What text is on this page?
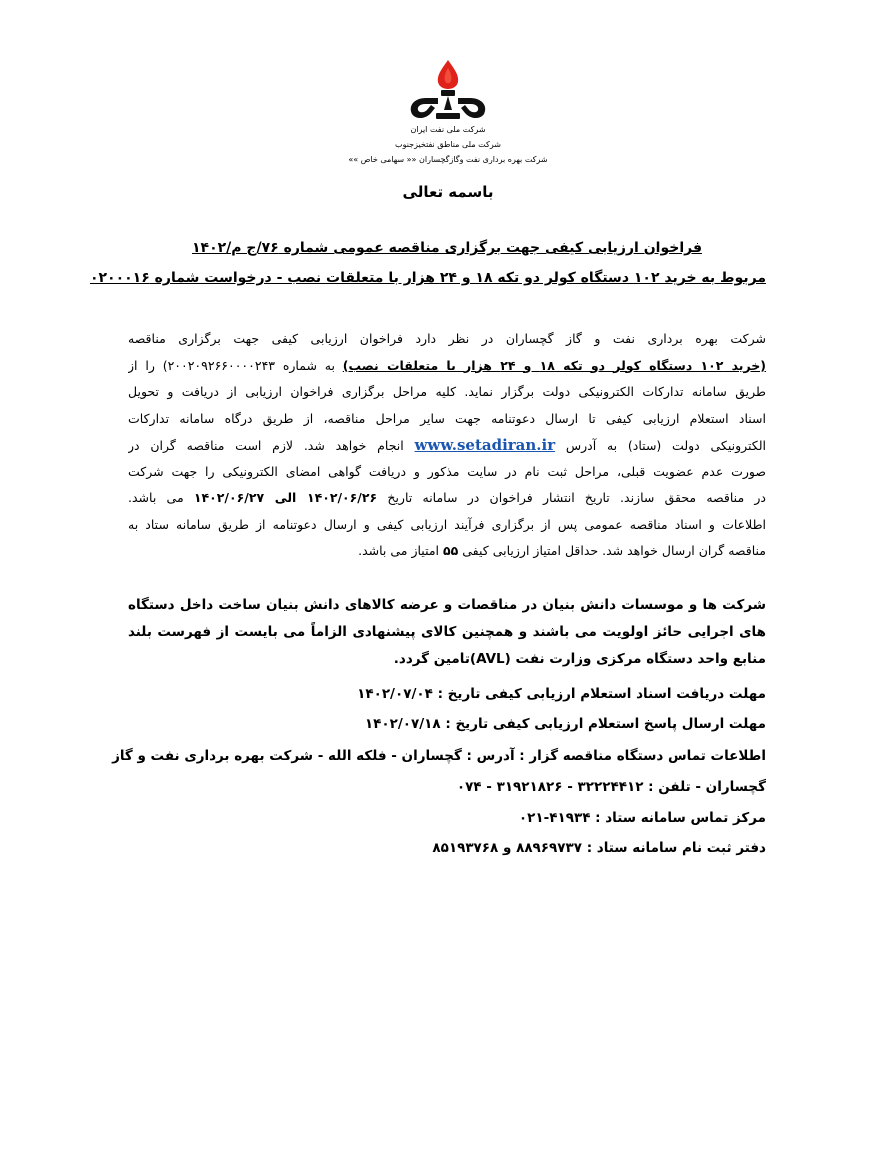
شرکت ملی نفت ایران
شرکت ملی مناطق نفتخیزجنوب
شرکت بهره برداری نفت وگازگچساران «« سهامی خاص »»
باسمه تعالی
فراخوان ارزیابی کیفی جهت برگزاری مناقصه عمومی شماره ۷۶/ج م/۱۴۰۲
مربوط به خرید ۱۰۲ دستگاه کولر دو تکه ۱۸ و ۲۴ هزار با متعلقات نصب - درخواست شماره ۰۲۰۰۰۱۶
شرکت بهره برداری نفت و گاز گچساران در نظر دارد فراخوان ارزیابی کیفی جهت برگزاری مناقصه
(خرید ۱۰۲ دستگاه کولر دو تکه ۱۸ و ۲۴ هزار با متعلقات نصب) به شماره ۲۰۰۲۰۹۲۶۶۰۰۰۰۲۴۳) را از
طریق سامانه تدارکات الکترونیکی دولت برگزار نماید. کلیه مراحل برگزاری فراخوان ارزیابی از دریافت و تحویل
اسناد استعلام ارزیابی کیفی تا ارسال دعوتنامه جهت سایر مراحل مناقصه، از طریق درگاه سامانه تدارکات
الکترونیکی دولت (ستاد) به آدرس www.setadiran.ir انجام خواهد شد. لازم است مناقصه گران در
صورت عدم عضویت قبلی، مراحل ثبت نام در سایت مذکور و دریافت گواهی امضای الکترونیکی را جهت شرکت
در مناقصه محقق سازند. تاریخ انتشار فراخوان در سامانه تاریخ ۱۴۰۲/۰۶/۲۶ الی ۱۴۰۲/۰۶/۲۷ می باشد.
اطلاعات و اسناد مناقصه عمومی پس از برگزاری فرآیند ارزیابی کیفی و ارسال دعوتنامه از طریق سامانه ستاد به
مناقصه گران ارسال خواهد شد. حداقل امتیاز ارزیابی کیفی ۵۵ امتیاز می باشد.
شرکت ها و موسسات دانش بنیان در مناقصات و عرضه کالاهای دانش بنیان ساخت داخل دستگاه
های اجرایی حائز اولویت می باشند و همچنین کالای پیشنهادی الزاماً می بایست از فهرست بلند
منابع واحد دستگاه مرکزی وزارت نفت (AVL)تامین گردد.
مهلت دریافت اسناد استعلام ارزیابی کیفی تاریخ : ۱۴۰۲/۰۷/۰۴
مهلت ارسال پاسخ استعلام ارزیابی کیفی تاریخ : ۱۴۰۲/۰۷/۱۸
اطلاعات تماس دستگاه مناقصه گزار : آدرس : گچساران - فلکه الله - شرکت بهره برداری نفت و گاز
گچساران - تلفن : ۳۲۲۲۴۴۱۲ - ۳۱۹۲۱۸۲۶ - ۰۷۴
مرکز تماس سامانه ستاد : ۴۱۹۳۴-۰۲۱
دفتر ثبت نام سامانه ستاد : ۸۸۹۶۹۷۳۷ و ۸۵۱۹۳۷۶۸
